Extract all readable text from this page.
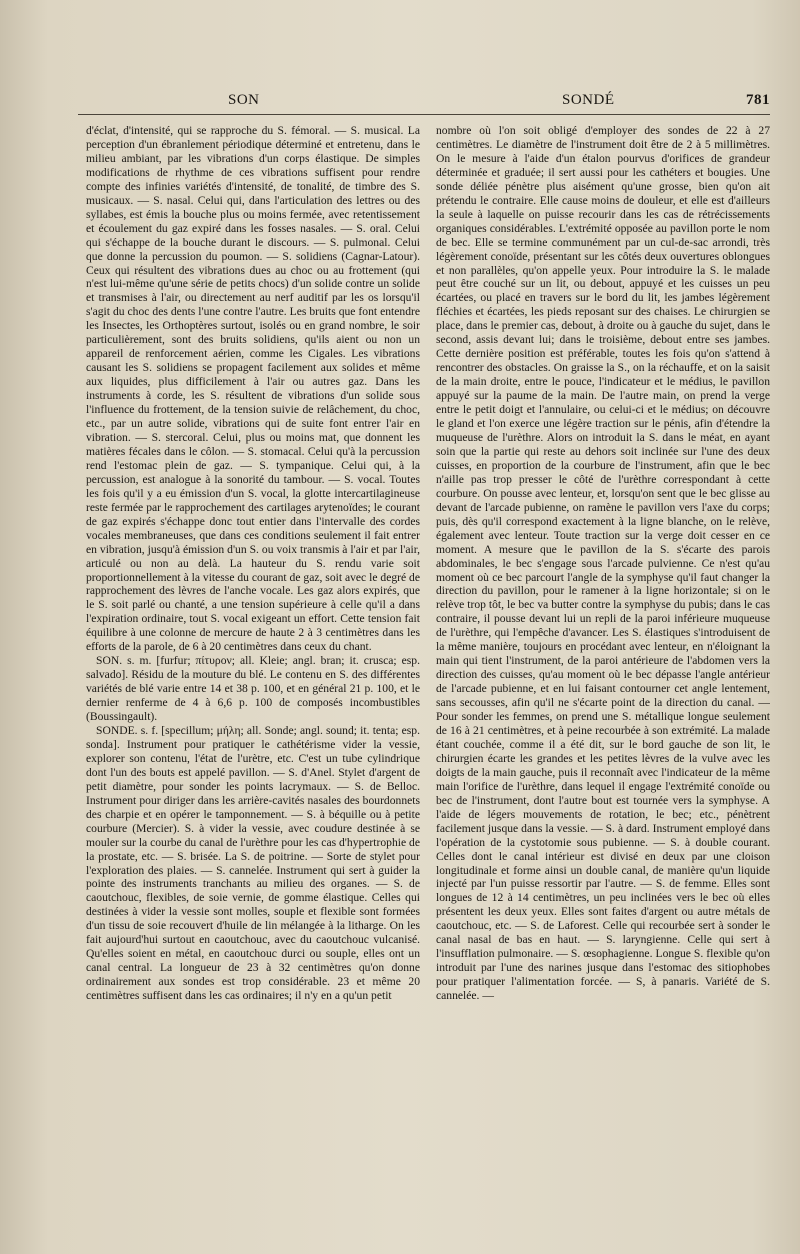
SON	SONDÉ	781

d'éclat, d'intensité, qui se rapproche du S. fémoral. — S. musical. La perception d'un ébranlement périodique déterminé et entretenu, dans le milieu ambiant, par les vibrations d'un corps élastique. De simples modifications de rhythme de ces vibrations suffisent pour rendre compte des infinies variétés d'intensité, de tonalité, de timbre des S. musicaux. — S. nasal. Celui qui, dans l'articulation des lettres ou des syllabes, est émis la bouche plus ou moins fermée, avec retentissement et écoulement du gaz expiré dans les fosses nasales. — S. oral. Celui qui s'échappe de la bouche durant le discours. — S. pulmonal. Celui que donne la percussion du poumon. — S. solidiens (Cagnar-Latour). Ceux qui résultent des vibrations dues au choc ou au frottement (qui n'est lui-même qu'une série de petits chocs) d'un solide contre un solide et transmises à l'air, ou directement au nerf auditif par les os lorsqu'il s'agit du choc des dents l'une contre l'autre. Les bruits que font entendre les Insectes, les Orthoptères surtout, isolés ou en grand nombre, le soir particulièrement, sont des bruits solidiens, qu'ils aient ou non un appareil de renforcement aérien, comme les Cigales. Les vibrations causant les S. solidiens se propagent facilement aux solides et même aux liquides, plus difficilement à l'air ou autres gaz. Dans les instruments à corde, les S. résultent de vibrations d'un solide sous l'influence du frottement, de la tension suivie de relâchement, du choc, etc., par un autre solide, vibrations qui de suite font entrer l'air en vibration. — S. stercoral. Celui, plus ou moins mat, que donnent les matières fécales dans le côlon. — S. stomacal. Celui qu'à la percussion rend l'estomac plein de gaz. — S. tympanique. Celui qui, à la percussion, est analogue à la sonorité du tambour. — S. vocal. Toutes les fois qu'il y a eu émission d'un S. vocal, la glotte intercartilagineuse reste fermée par le rapprochement des cartilages arytenoïdes; le courant de gaz expirés s'échappe donc tout entier dans l'intervalle des cordes vocales membraneuses, que dans ces conditions seulement il fait entrer en vibration, jusqu'à émission d'un S. ou voix transmis à l'air et par l'air, articulé ou non au delà. La hauteur du S. rendu varie soit proportionnellement à la vitesse du courant de gaz, soit avec le degré de rapprochement des lèvres de l'anche vocale. Les gaz alors expirés, que le S. soit parlé ou chanté, a une tension supérieure à celle qu'il a dans l'expiration ordinaire, tout S. vocal exigeant un effort. Cette tension fait équilibre à une colonne de mercure de haute 2 à 3 centimètres dans les efforts de la parole, de 6 à 20 centimètres dans ceux du chant.

SON. s. m. [furfur; πίτυρον; all. Kleie; angl. bran; it. crusca; esp. salvado]. Résidu de la mouture du blé. Le contenu en S. des différentes variétés de blé varie entre 14 et 38 p. 100, et en général 21 p. 100, et le dernier renferme de 4 à 6,6 p. 100 de composés incombustibles (Boussingault).

SONDE. s. f. [specillum; μήλη; all. Sonde; angl. sound; it. tenta; esp. sonda]. Instrument pour pratiquer le cathétérisme vider la vessie, explorer son contenu, l'état de l'urètre, etc. C'est un tube cylindrique dont l'un des bouts est appelé pavillon. — S. d'Anel. Stylet d'argent de petit diamètre, pour sonder les points lacrymaux. — S. de Belloc. Instrument pour diriger dans les arrière-cavités nasales des bourdonnets des charpie et en opérer le tamponnement. — S. à béquille ou à petite courbure (Mercier). S. à vider la vessie, avec coudure destinée à se mouler sur la courbe du canal de l'urèthre pour les cas d'hypertrophie de la prostate, etc. — S. brisée. La S. de poitrine. — Sorte de stylet pour l'exploration des plaies. — S. cannelée. Instrument qui sert à guider la pointe des instruments tranchants au milieu des organes. — S. de caoutchouc, flexibles, de soie vernie, de gomme élastique. Celles qui destinées à vider la vessie sont molles, souple et flexible sont formées d'un tissu de soie recouvert d'huile de lin mélangée à la litharge. On les fait aujourd'hui surtout en caoutchouc, avec du caoutchouc vulcanisé. Qu'elles soient en métal, en caoutchouc durci ou souple, elles ont un canal central. La longueur de 23 à 32 centimètres qu'on donne ordinairement aux sondes est trop considérable. 23 et même 20 centimètres suffisent dans les cas ordinaires; il n'y en a qu'un petit

nombre où l'on soit obligé d'employer des sondes de 22 à 27 centimètres. Le diamètre de l'instrument doit être de 2 à 5 millimètres. On le mesure à l'aide d'un étalon pourvus d'orifices de grandeur déterminée et graduée; il sert aussi pour les cathéters et bougies. Une sonde déliée pénètre plus aisément qu'une grosse, bien qu'on ait prétendu le contraire. Elle cause moins de douleur, et elle est d'ailleurs la seule à laquelle on puisse recourir dans les cas de rétrécissements organiques considérables. L'extrémité opposée au pavillon porte le nom de bec. Elle se termine communément par un cul-de-sac arrondi, très légèrement conoïde, présentant sur les côtés deux ouvertures oblongues et non parallèles, qu'on appelle yeux. Pour introduire la S. le malade peut être couché sur un lit, ou debout, appuyé et les cuisses un peu écartées, ou placé en travers sur le bord du lit, les jambes légèrement fléchies et écartées, les pieds reposant sur des chaises. Le chirurgien se place, dans le premier cas, debout, à droite ou à gauche du sujet, dans le second, assis devant lui; dans le troisième, debout entre ses jambes. Cette dernière position est préférable, toutes les fois qu'on s'attend à rencontrer des obstacles. On graisse la S., on la réchauffe, et on la saisit de la main droite, entre le pouce, l'indicateur et le médius, le pavillon appuyé sur la paume de la main. De l'autre main, on prend la verge entre le petit doigt et l'annulaire, ou celui-ci et le médius; on découvre le gland et l'on exerce une légère traction sur le pénis, afin d'étendre la muqueuse de l'urèthre. Alors on introduit la S. dans le méat, en ayant soin que la partie qui reste au dehors soit inclinée sur l'une des deux cuisses, en proportion de la courbure de l'instrument, afin que le bec n'aille pas trop presser le côté de l'urèthre correspondant à cette courbure. On pousse avec lenteur, et, lorsqu'on sent que le bec glisse au devant de l'arcade pubienne, on ramène le pavillon vers l'axe du corps; puis, dès qu'il correspond exactement à la ligne blanche, on le relève, également avec lenteur. Toute traction sur la verge doit cesser en ce moment. A mesure que le pavillon de la S. s'écarte des parois abdominales, le bec s'engage sous l'arcade pulvienne. Ce n'est qu'au moment où ce bec parcourt l'angle de la symphyse qu'il faut changer la direction du pavillon, pour le ramener à la ligne horizontale; si on le relève trop tôt, le bec va butter contre la symphyse du pubis; dans le cas contraire, il pousse devant lui un repli de la paroi inférieure muqueuse de l'urèthre, qui l'empêche d'avancer. Les S. élastiques s'introduisent de la même manière, toujours en procédant avec lenteur, en n'éloignant la main qui tient l'instrument, de la paroi antérieure de l'abdomen vers la direction des cuisses, qu'au moment où le bec dépasse l'angle antérieur de l'arcade pubienne, et en lui faisant contourner cet angle lentement, sans secousses, afin qu'il ne s'écarte point de la direction du canal. — Pour sonder les femmes, on prend une S. métallique longue seulement de 16 à 21 centimètres, et à peine recourbée à son extrémité. La malade étant couchée, comme il a été dit, sur le bord gauche de son lit, le chirurgien écarte les grandes et les petites lèvres de la vulve avec les doigts de la main gauche, puis il reconnaît avec l'indicateur de la même main l'orifice de l'urèthre, dans lequel il engage l'extrémité conoïde ou bec de l'instrument, dont l'autre bout est tournée vers la symphyse. A l'aide de légers mouvements de rotation, le bec; etc., pénètrent facilement jusque dans la vessie. — S. à dard. Instrument employé dans l'opération de la cystotomie sous pubienne. — S. à double courant. Celles dont le canal intérieur est divisé en deux par une cloison longitudinale et forme ainsi un double canal, de manière qu'un liquide injecté par l'un puisse ressortir par l'autre. — S. de femme. Elles sont longues de 12 à 14 centimètres, un peu inclinées vers le bec où elles présentent les deux yeux. Elles sont faites d'argent ou autre métals de caoutchouc, etc. — S. de Laforest. Celle qui recourbée sert à sonder le canal nasal de bas en haut. — S. laryngienne. Celle qui sert à l'insufflation pulmonaire. — S. œsophagienne. Longue S. flexible qu'on introduit par l'une des narines jusque dans l'estomac des sitiophobes pour pratiquer l'alimentation forcée. — S, à panaris. Variété de S. cannelée. —
